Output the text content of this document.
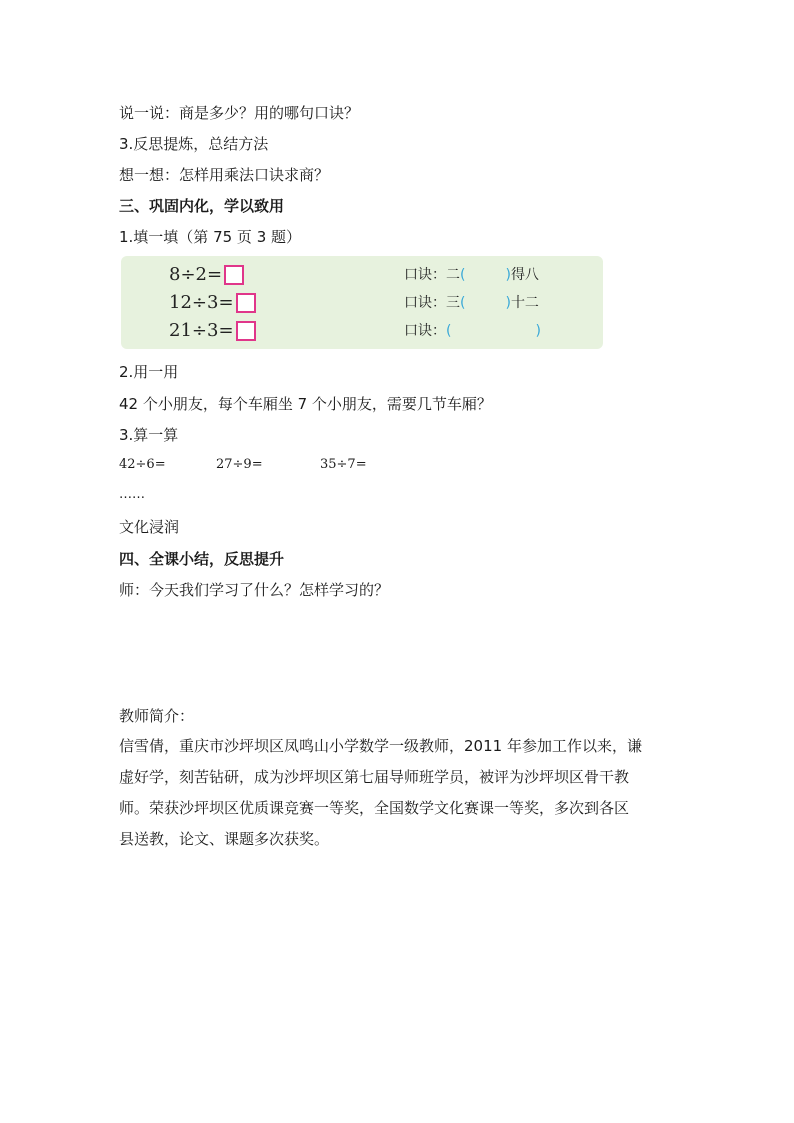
说一说：商是多少？用的哪句口诀？
3.反思提炼，总结方法
想一想：怎样用乘法口诀求商？
三、巩固内化，学以致用
1.填一填（第 75 页 3 题）
8÷2=	口诀：二(	)得八
12÷3=	口诀：三(	)十二
21÷3=	口诀：(	)
2.用一用
42 个小朋友，每个车厢坐 7 个小朋友，需要几节车厢？
3.算一算
42÷6=	27÷9=	35÷7=
……
文化浸润
四、全课小结，反思提升
师：今天我们学习了什么？怎样学习的？
教师简介：
信雪倩，重庆市沙坪坝区凤鸣山小学数学一级教师，2011 年参加工作以来，谦
虚好学，刻苦钻研，成为沙坪坝区第七届导师班学员，被评为沙坪坝区骨干教
师。荣获沙坪坝区优质课竞赛一等奖，全国数学文化赛课一等奖，多次到各区
县送教，论文、课题多次获奖。
